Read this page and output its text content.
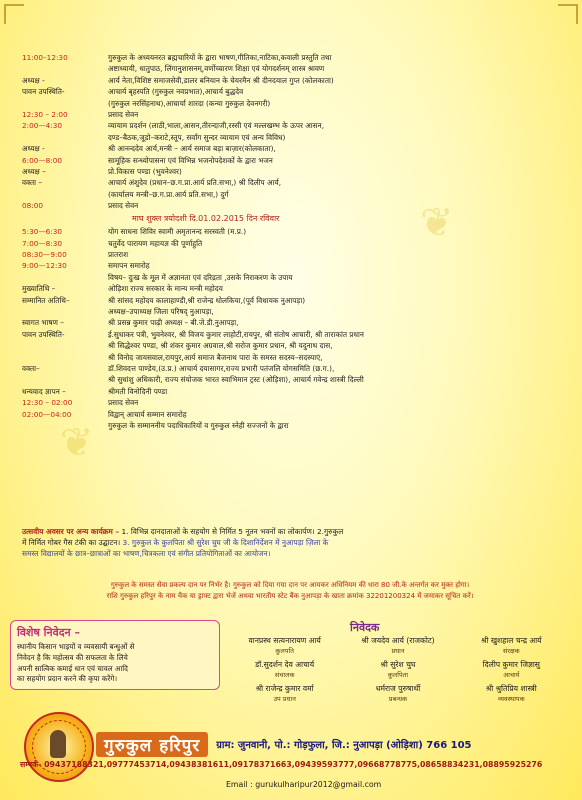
❦
❦
11:00–12:30	गुरुकुल के अध्ययनरत ब्रह्मचारियों के द्वारा भाषण,गीतिका,नाटिका,कवाली प्रस्तुति तथा
अष्टाध्यायी, धातुपाठ, लिंगानुशासनम्,वर्णोच्चारण शिक्षा एवं योगदर्शनम् शास्त्र श्रावण
अध्यक्ष -	आर्य नेता,विशिष्ट समाजसेवी,डालर बनियान के चेयरमैन श्री दीनदयाल गुप्त (कोलकाता)
पावन उपस्थिति-	आचार्य बृहस्पति (गुरुकुल नवप्रभात),आचार्य बुद्धदेव
(गुरुकुल नरसिंहनाथ),आचार्या शारदा (कन्या गुरुकुल देवनगरी)
12:30 – 2:00	प्रसाद सेवन
2:00—4:30	व्यायाम प्रदर्शन (लाठी,भाला,आसन,तीरन्दाजी,रस्सी एवं मल्लखम्भ के ऊपर आसन,
दण्ड–बैठक,जूडो–कराटे,स्तूप, सर्वांग सुन्दर व्यायाम एवं अन्य विविध)
अध्यक्ष -	श्री आनन्ददेव आर्य,मन्त्री – आर्य समाज बड़ा बाज़ार(कोलकाता),
6:00—8:00	सामूहिक सन्ध्योपासना एवं विभिन्न भजनोपदेशकों के द्वारा भजन
अध्यक्ष –	प्रो.विकास पण्डा (भुवनेश्वर)
वक्ता –	आचार्य अंशुदेव (प्रधान–छ.ग.प्रा.आर्य प्रति.सभा,) श्री दिलीप आर्य,
(कार्यालय मन्त्री–छ.ग.प्रा.आर्य प्रति.सभा,) दुर्ग
08:00	प्रसाद सेवन
माघ शुक्ल त्रयोदशी दि.01.02.2015 दिन रविवार
5:30—6:30	योग साधना शिविर स्वामी अमृतानन्द सरस्वती (म.प्र.)
7:00—8:30	चतुर्वेद पारायण महायज्ञ की पूर्णाहुति
08:30—9:00	प्रातराश
9:00—12:30	समापन समारोह
विषय– दुःख के मूल में अज्ञानता एवं दरिद्रता ,उसके निराकरण के उपाय
मुख्यातिथि –	ओड़िशा राज्य सरकार के मान्य मन्त्री महोदय
सम्मानित अतिथि–	श्री सांसद महोदय कालाहाण्डी,श्री राजेन्द्र धोलकिया,(पूर्व विधायक नुआपड़ा)
अध्यक्ष–उपाध्यक्ष जिला परिषद् नुआपड़ा,
स्वागत भाषण –	श्री प्रसन्न कुमार पाढ़ी अध्यक्ष – बी.जे.डी.नुआपड़ा,
पावन उपस्थिति-	ई.सुधाकर पत्री, भुवनेश्वर, श्री विजय कुमार लाहोटी,रायपुर, श्री संतोष आचारी, श्री ताराकांत प्रधान
श्री सिद्धेश्वर पण्डा, श्री शंकर कुमार अग्रवाल,श्री सरोज कुमार प्रधान, श्री यदुनाथ दास,
श्री विनोद जायसवाल,रायपुर,आर्य समाज बैजनाथ पारा के समस्त सदस्य–सदस्याएं,
वक्ता–	डॉ.शिवदत्त पाण्डेय,(उ.प्र.) आचार्य दयासागर,राज्य प्रभारी पतंजलि योगसमिति (छ.ग.),
श्री सुधांशु अधिकारी, राज्य संयोजक भारत स्वाभिमान ट्रस्ट (ओड़िशा), आचार्य गवेन्द्र शास्त्री दिल्ली
धन्यवाद ज्ञापन –	श्रीमती विनोदिनी पण्डा
12:30 – 02:00	प्रसाद सेवन
02:00—04:00	विद्वान् आचार्य सम्मान समारोह
गुरुकुल के सम्माननीय पदाधिकारियों व गुरुकुल स्नेही सज्जनों के द्वारा
उत्सवीय अवसर पर अन्य कार्यक्रम – 1. विभिन्न दानदाताओं के सहयोग से निर्मित 5 नूतन भवनों का लोकार्पण। 2.गुरुकुल
में निर्मित गोबर गैस टंकी का उद्घाटन। 3. गुरुकुल के कुलपिता श्री सुरेश चुघ जी के दिशानिर्देशन में नुआपड़ा ज़िला के
समस्त विद्यालयों के छात्र–छात्राओं का भाषण,चित्रकला एवं संगीत प्रतियोगिताओं का आयोजन।
गुरुकुल के समस्त सेवा प्रकल्प दान पर निर्भर है। गुरुकुल को दिया गया दान पर आयकर अधिनियम की धारा 80 जी.के अन्तर्गत कर मुक्त होगा।
राशि गुरुकुल हरिपुर के नाम चैक या ड्राफ्ट द्वारा भेजें अथवा भारतीय स्टेट बैंक नुआपड़ा के खाता क्रमांक 32201200324 में जमाकर सूचित करें।
विशेष निवेदन –
स्थानीय किसान भाइयों व व्यवसायी बन्धुओं से
निवेदन है कि महोत्सव की सफलता के लिये
अपनी सात्विक कमाई धान एवं चावल आदि
का सहयोग प्रदान करने की कृपा करेंगे।
निवेदक
वानप्रस्थ सत्यनारायण आर्य
कुलपति
श्री जयदेव आर्य (राजकोट)
प्रधान
श्री खुशहाल चन्द्र आर्य
संरक्षक
डॉ.सुदर्शन देव आचार्य
संचालक
श्री सुरेश चुघ
कुलपिता
दिलीप कुमार जिज्ञासु
आचार्य
श्री राजेन्द्र कुमार वर्मा
उप प्रधान
धर्मराज पुरुषार्थी
प्रबन्धक
श्री श्रुतिप्रिय शास्त्री
व्यवस्थापक
गुरुकुल हरिपुर	ग्राम: जुनवानी, पो.: गोड़फुला, जि.: नुआपड़ा (ओड़िशा) 766 105
सम्पर्क- 09437188321,09777453714,09438381611,09178371663,09439593777,09668778775,08658834231,08895925276
Email : gurukulharipur2012@gmail.com
